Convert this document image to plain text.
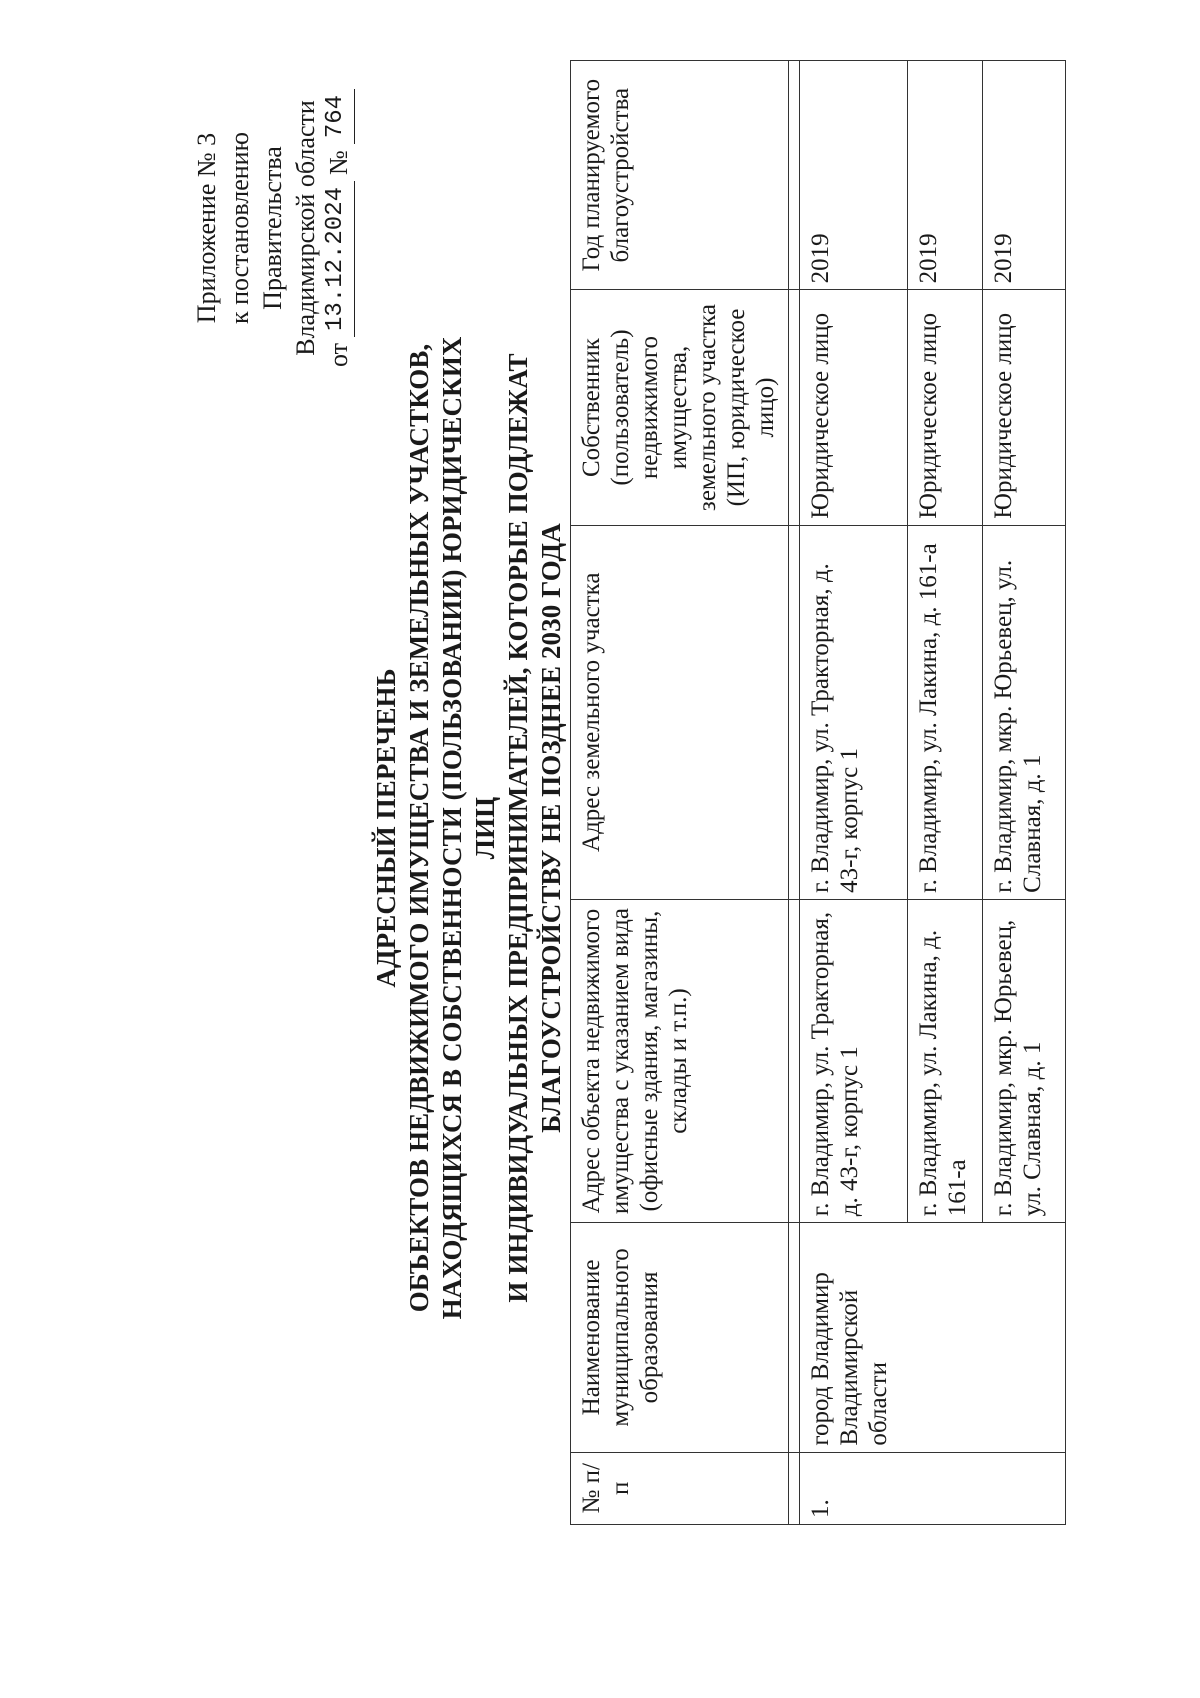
Приложение № 3 к постановлению Правительства Владимирской области от
13.12.2024
№
764
АДРЕСНЫЙ ПЕРЕЧЕНЬ ОБЪЕКТОВ НЕДВИЖИМОГО ИМУЩЕСТВА И ЗЕМЕЛЬНЫХ УЧАСТКОВ, НАХОДЯЩИХСЯ В СОБСТВЕННОСТИ (ПОЛЬЗОВАНИИ) ЮРИДИЧЕСКИХ ЛИЦ И ИНДИВИДУАЛЬНЫХ ПРЕДПРИНИМАТЕЛЕЙ, КОТОРЫЕ ПОДЛЕЖАТ БЛАГОУСТРОЙСТВУ НЕ ПОЗДНЕЕ 2030 ГОДА
№ п/п	Наименование муниципального образования	Адрес объекта недвижимого имущества с указанием вида (офисные здания, магазины, склады и т.п.)	Адрес земельного участка	Собственник (пользователь) недвижимого имущества, земельного участка (ИП, юридическое лицо)	Год планируемого благоустройства

1.	город Владимир Владимирской области	г. Владимир, ул. Тракторная, д. 43-г, корпус 1	г. Владимир, ул. Тракторная, д. 43-г, корпус 1	Юридическое лицо	2019
		г. Владимир, ул. Лакина, д. 161-а	г. Владимир, ул. Лакина, д. 161-а	Юридическое лицо	2019
		г. Владимир, мкр. Юрьевец, ул. Славная, д. 1	г. Владимир, мкр. Юрьевец, ул. Славная, д. 1	Юридическое лицо	2019
